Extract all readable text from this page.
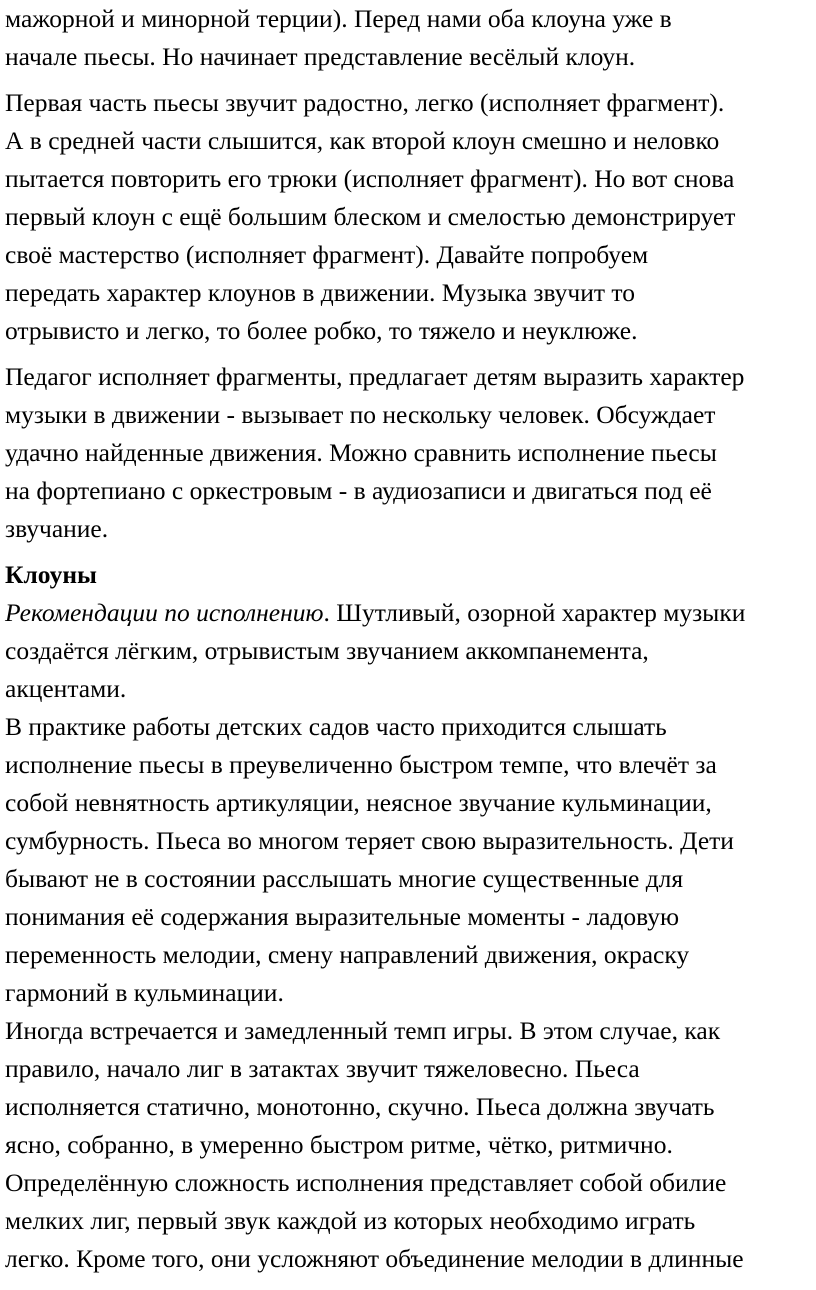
мажорной и минорной терции). Перед нами оба клоуна уже в
начале пьесы. Но начинает представление весёлый клоун.
Первая часть пьесы звучит радостно, легко (исполняет фрагмент).
А в средней части слышится, как второй клоун смешно и неловко
пытается повторить его трюки (исполняет фрагмент). Но вот снова
первый клоун с ещё большим блеском и смелостью демонстрирует
своё мастерство (исполняет фрагмент). Давайте попробуем
передать характер клоунов в движении. Музыка звучит то
отрывисто и легко, то более робко, то тяжело и неуклюже.
Педагог исполняет фрагменты, предлагает детям выразить характер
музыки в движении - вызывает по нескольку человек. Обсуждает
удачно найденные движения. Можно сравнить исполнение пьесы
на фортепиано с оркестровым - в аудиозаписи и двигаться под её
звучание.
Клоуны
Рекомендации по исполнению. Шутливый, озорной характер музыки
создаётся лёгким, отрывистым звучанием аккомпанемента,
акцентами.
В практике работы детских садов часто приходится слышать
исполнение пьесы в преувеличенно быстром темпе, что влечёт за
собой невнятность артикуляции, неясное звучание кульминации,
сумбурность. Пьеса во многом теряет свою выразительность. Дети
бывают не в состоянии расслышать многие существенные для
понимания её содержания выразительные моменты - ладовую
переменность мелодии, смену направлений движения, окраску
гармоний в кульминации.
Иногда встречается и замедленный темп игры. В этом случае, как
правило, начало лиг в затактах звучит тяжеловесно. Пьеса
исполняется статично, монотонно, скучно. Пьеса должна звучать
ясно, собранно, в умеренно быстром ритме, чётко, ритмично.
Определённую сложность исполнения представляет собой обилие
мелких лиг, первый звук каждой из которых необходимо играть
легко. Кроме того, они усложняют объединение мелодии в длинные
